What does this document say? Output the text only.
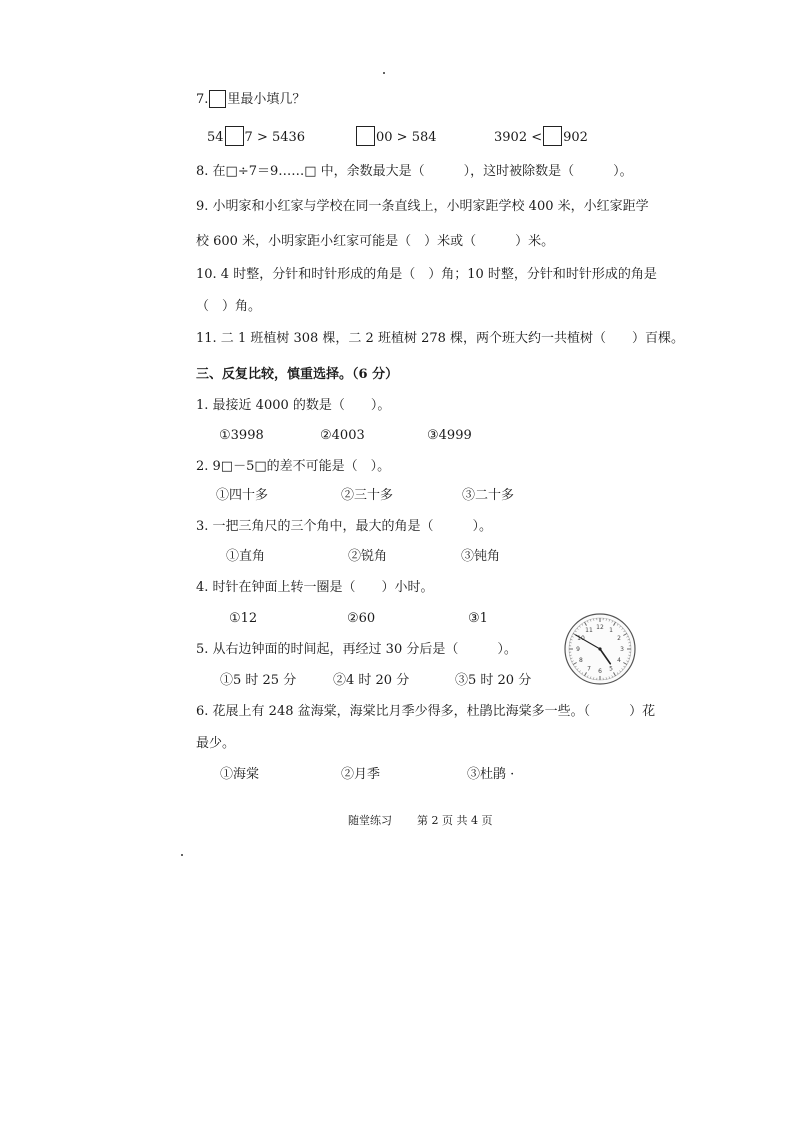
7. 里最小填几？
54 7 > 5436	00 > 584	3902 < 902
8. 在□÷7＝9……□ 中，余数最大是（　　　），这时被除数是（　　　）。
9. 小明家和小红家与学校在同一条直线上，小明家距学校 400 米，小红家距学
校 600 米，小明家距小红家可能是（　）米或（　　　）米。
10. 4 时整，分针和时针形成的角是（　）角；10 时整，分针和时针形成的角是
（　）角。
11. 二 1 班植树 308 棵，二 2 班植树 278 棵，两个班大约一共植树（　　）百棵。
三、反复比较，慎重选择。（6 分）
1. 最接近 4000 的数是（　　）。
①3998	②4003	③4999
2. 9□－5□的差不可能是（　）。
①四十多	②三十多	③二十多
3. 一把三角尺的三个角中，最大的角是（　　　）。
①直角	②锐角	③钝角
4. 时针在钟面上转一圈是（　　）小时。
①12	②60	③1
5. 从右边钟面的时间起，再经过 30 分后是（　　　）。
①5 时 25 分	②4 时 20 分	③5 时 20 分
1
2
3
4
5
6
7
8
9
10
11 12
6. 花展上有 248 盆海棠，海棠比月季少得多，杜鹃比海棠多一些。（　　　）花
最少。
①海棠	②月季	③杜鹃 ·
随堂练习 第 2 页 共 4 页
